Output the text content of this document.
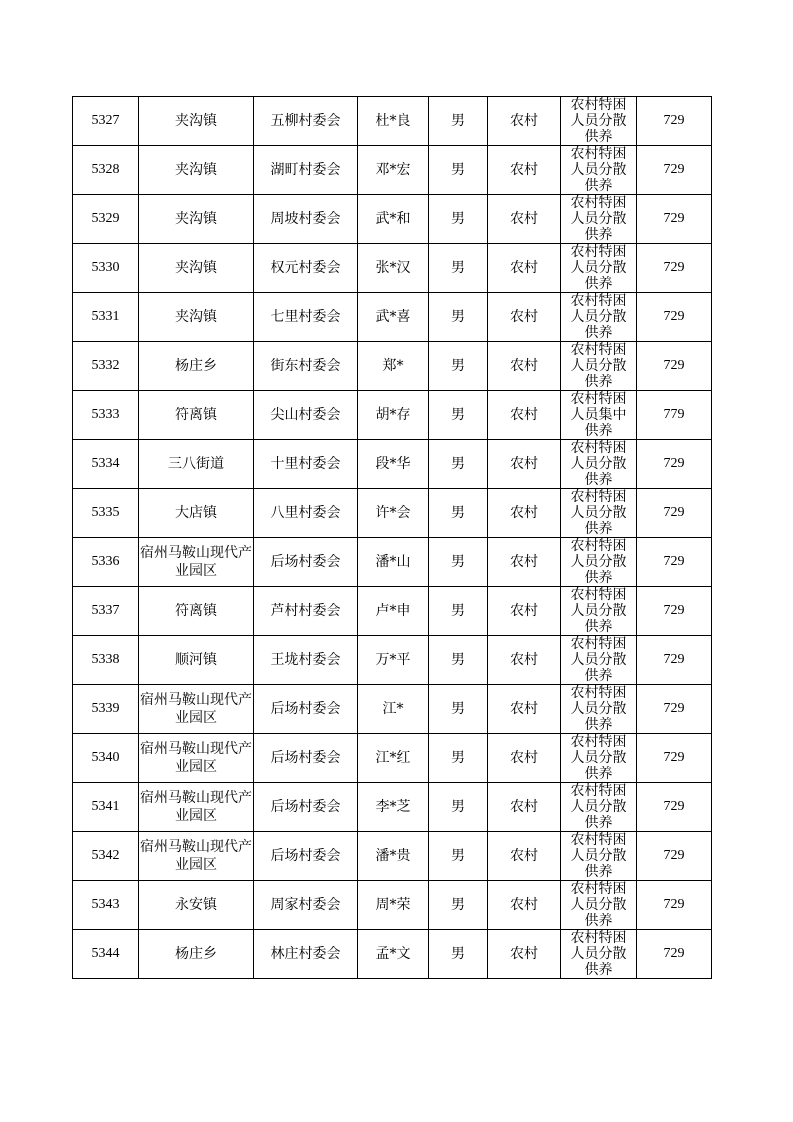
5327	夹沟镇	五柳村委会	杜*良	男	农村	农村特困人员分散供养	729
5328	夹沟镇	湖町村委会	邓*宏	男	农村	农村特困人员分散供养	729
5329	夹沟镇	周坡村委会	武*和	男	农村	农村特困人员分散供养	729
5330	夹沟镇	权元村委会	张*汉	男	农村	农村特困人员分散供养	729
5331	夹沟镇	七里村委会	武*喜	男	农村	农村特困人员分散供养	729
5332	杨庄乡	街东村委会	郑*	男	农村	农村特困人员分散供养	729
5333	符离镇	尖山村委会	胡*存	男	农村	农村特困人员集中供养	779
5334	三八街道	十里村委会	段*华	男	农村	农村特困人员分散供养	729
5335	大店镇	八里村委会	许*会	男	农村	农村特困人员分散供养	729
5336	宿州马鞍山现代产业园区	后场村委会	潘*山	男	农村	农村特困人员分散供养	729
5337	符离镇	芦村村委会	卢*申	男	农村	农村特困人员分散供养	729
5338	顺河镇	王垅村委会	万*平	男	农村	农村特困人员分散供养	729
5339	宿州马鞍山现代产业园区	后场村委会	江*	男	农村	农村特困人员分散供养	729
5340	宿州马鞍山现代产业园区	后场村委会	江*红	男	农村	农村特困人员分散供养	729
5341	宿州马鞍山现代产业园区	后场村委会	李*芝	男	农村	农村特困人员分散供养	729
5342	宿州马鞍山现代产业园区	后场村委会	潘*贵	男	农村	农村特困人员分散供养	729
5343	永安镇	周家村委会	周*荣	男	农村	农村特困人员分散供养	729
5344	杨庄乡	林庄村委会	孟*文	男	农村	农村特困人员分散供养	729
